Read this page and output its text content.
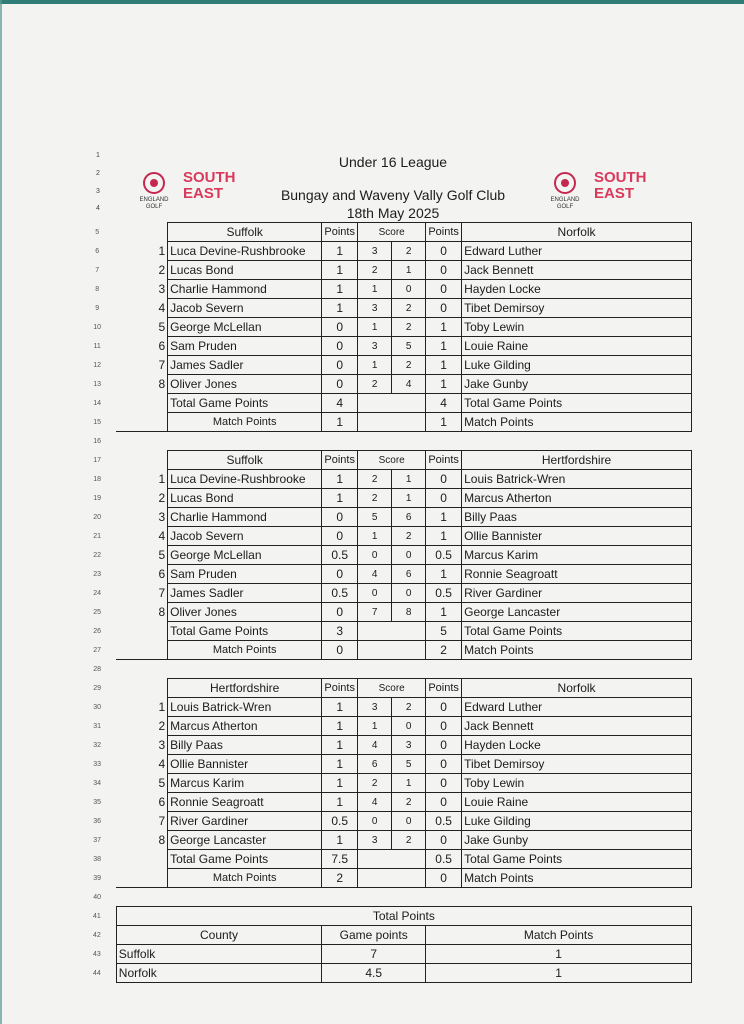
1
2
3
4
ENGLAND GOLF
SOUTH EAST
Under 16 League
Bungay and Waveny Vally Golf Club
18th May 2025
ENGLAND GOLF
SOUTH EAST
5		Suffolk	Points	Score		Points	Norfolk
6	1	Luca Devine-Rushbrooke	1	3	2	0	Edward Luther
7	2	Lucas Bond	1	2	1	0	Jack Bennett
8	3	Charlie Hammond	1	1	0	0	Hayden Locke
9	4	Jacob Severn	1	3	2	0	Tibet Demirsoy
10	5	George McLellan	0	1	2	1	Toby Lewin
11	6	Sam Pruden	0	3	5	1	Louie Raine
12	7	James Sadler	0	1	2	1	Luke Gilding
13	8	Oliver Jones	0	2	4	1	Jake Gunby
14		Total Game Points	4			4	Total Game Points
15		Match Points	1			1	Match Points
16							
17		Suffolk	Points	Score		Points	Hertfordshire
18	1	Luca Devine-Rushbrooke	1	2	1	0	Louis Batrick-Wren
19	2	Lucas Bond	1	2	1	0	Marcus Atherton
20	3	Charlie Hammond	0	5	6	1	Billy Paas
21	4	Jacob Severn	0	1	2	1	Ollie Bannister
22	5	George McLellan	0.5	0	0	0.5	Marcus Karim
23	6	Sam Pruden	0	4	6	1	Ronnie Seagroatt
24	7	James Sadler	0.5	0	0	0.5	River Gardiner
25	8	Oliver Jones	0	7	8	1	George Lancaster
26		Total Game Points	3			5	Total Game Points
27		Match Points	0			2	Match Points
28							
29		Hertfordshire	Points	Score		Points	Norfolk
30	1	Louis Batrick-Wren	1	3	2	0	Edward Luther
31	2	Marcus Atherton	1	1	0	0	Jack Bennett
32	3	Billy Paas	1	4	3	0	Hayden Locke
33	4	Ollie Bannister	1	6	5	0	Tibet Demirsoy
34	5	Marcus Karim	1	2	1	0	Toby Lewin
35	6	Ronnie Seagroatt	1	4	2	0	Louie Raine
36	7	River Gardiner	0.5	0	0	0.5	Luke Gilding
37	8	George Lancaster	1	3	2	0	Jake Gunby
38		Total Game Points	7.5			0.5	Total Game Points
39		Match Points	2			0	Match Points
40							
41	Total Points						
42	County		Game points			Match Points	
43	Suffolk		7			1	
44	Norfolk		4.5			1	
